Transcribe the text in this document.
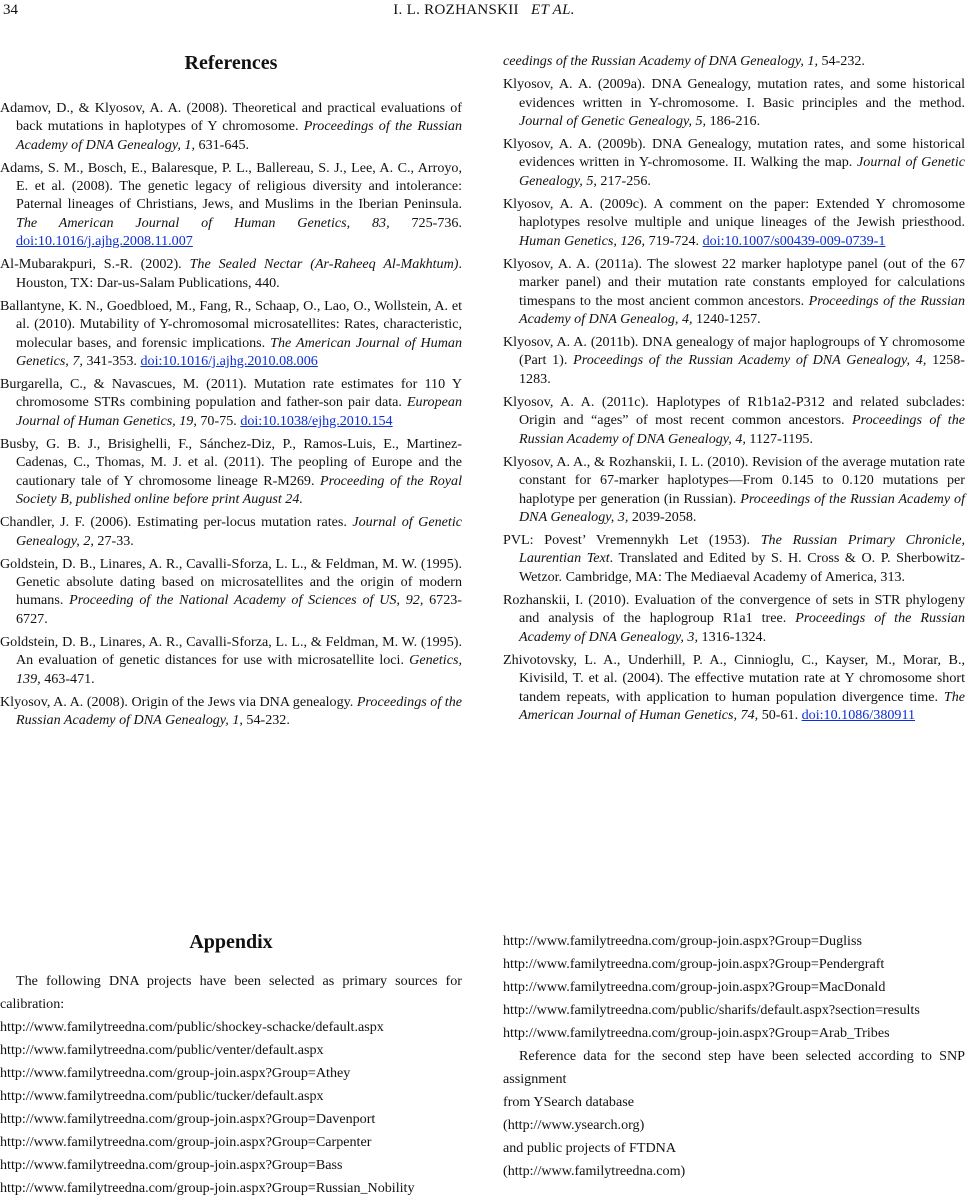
34	I. L. ROZHANSKII ET AL.
References
Adamov, D., & Klyosov, A. A. (2008). Theoretical and practical evaluations of back mutations in haplotypes of Y chromosome. Proceedings of the Russian Academy of DNA Genealogy, 1, 631-645.
Adams, S. M., Bosch, E., Balaresque, P. L., Ballereau, S. J., Lee, A. C., Arroyo, E. et al. (2008). The genetic legacy of religious diversity and intolerance: Paternal lineages of Christians, Jews, and Muslims in the Iberian Peninsula. The American Journal of Human Genetics, 83, 725-736. doi:10.1016/j.ajhg.2008.11.007
Al-Mubarakpuri, S.-R. (2002). The Sealed Nectar (Ar-Raheeq Al-Makhtum). Houston, TX: Dar-us-Salam Publications, 440.
Ballantyne, K. N., Goedbloed, M., Fang, R., Schaap, O., Lao, O., Wollstein, A. et al. (2010). Mutability of Y-chromosomal microsatellites: Rates, characteristic, molecular bases, and forensic implications. The American Journal of Human Genetics, 7, 341-353. doi:10.1016/j.ajhg.2010.08.006
Burgarella, C., & Navascues, M. (2011). Mutation rate estimates for 110 Y chromosome STRs combining population and father-son pair data. European Journal of Human Genetics, 19, 70-75. doi:10.1038/ejhg.2010.154
Busby, G. B. J., Brisighelli, F., Sánchez-Diz, P., Ramos-Luis, E., Martinez-Cadenas, C., Thomas, M. J. et al. (2011). The peopling of Europe and the cautionary tale of Y chromosome lineage R-M269. Proceeding of the Royal Society B, published online before print August 24.
Chandler, J. F. (2006). Estimating per-locus mutation rates. Journal of Genetic Genealogy, 2, 27-33.
Goldstein, D. B., Linares, A. R., Cavalli-Sforza, L. L., & Feldman, M. W. (1995). Genetic absolute dating based on microsatellites and the origin of modern humans. Proceeding of the National Academy of Sciences of US, 92, 6723- 6727.
Goldstein, D. B., Linares, A. R., Cavalli-Sforza, L. L., & Feldman, M. W. (1995). An evaluation of genetic distances for use with microsatellite loci. Genetics, 139, 463-471.
Klyosov, A. A. (2008). Origin of the Jews via DNA genealogy. Proceedings of the Russian Academy of DNA Genealogy, 1, 54-232.
ceedings of the Russian Academy of DNA Genealogy, 1, 54-232.
Klyosov, A. A. (2009a). DNA Genealogy, mutation rates, and some historical evidences written in Y-chromosome. I. Basic principles and the method. Journal of Genetic Genealogy, 5, 186-216.
Klyosov, A. A. (2009b). DNA Genealogy, mutation rates, and some historical evidences written in Y-chromosome. II. Walking the map. Journal of Genetic Genealogy, 5, 217-256.
Klyosov, A. A. (2009c). A comment on the paper: Extended Y chromosome haplotypes resolve multiple and unique lineages of the Jewish priesthood. Human Genetics, 126, 719-724. doi:10.1007/s00439-009-0739-1
Klyosov, A. A. (2011a). The slowest 22 marker haplotype panel (out of the 67 marker panel) and their mutation rate constants employed for calculations timespans to the most ancient common ancestors. Proceedings of the Russian Academy of DNA Genealog, 4, 1240-1257.
Klyosov, A. A. (2011b). DNA genealogy of major haplogroups of Y chromosome (Part 1). Proceedings of the Russian Academy of DNA Genealogy, 4, 1258-1283.
Klyosov, A. A. (2011c). Haplotypes of R1b1a2-P312 and related subclades: Origin and “ages” of most recent common ancestors. Proceedings of the Russian Academy of DNA Genealogy, 4, 1127-1195.
Klyosov, A. A., & Rozhanskii, I. L. (2010). Revision of the average mutation rate constant for 67-marker haplotypes—From 0.145 to 0.120 mutations per haplotype per generation (in Russian). Proceedings of the Russian Academy of DNA Genealogy, 3, 2039-2058.
PVL: Povest’ Vremennykh Let (1953). The Russian Primary Chronicle, Laurentian Text. Translated and Edited by S. H. Cross & O. P. Sherbowitz-Wetzor. Cambridge, MA: The Mediaeval Academy of America, 313.
Rozhanskii, I. (2010). Evaluation of the convergence of sets in STR phylogeny and analysis of the haplogroup R1a1 tree. Proceedings of the Russian Academy of DNA Genealogy, 3, 1316-1324.
Zhivotovsky, L. A., Underhill, P. A., Cinnioglu, C., Kayser, M., Morar, B., Kivisild, T. et al. (2004). The effective mutation rate at Y chromosome short tandem repeats, with application to human population divergence time. The American Journal of Human Genetics, 74, 50-61. doi:10.1086/380911
Appendix
The following DNA projects have been selected as primary sources for calibration:
http://www.familytreedna.com/public/shockey-schacke/default.aspx
http://www.familytreedna.com/public/venter/default.aspx
http://www.familytreedna.com/group-join.aspx?Group=Athey
http://www.familytreedna.com/public/tucker/default.aspx
http://www.familytreedna.com/group-join.aspx?Group=Davenport
http://www.familytreedna.com/group-join.aspx?Group=Carpenter
http://www.familytreedna.com/group-join.aspx?Group=Bass
http://www.familytreedna.com/group-join.aspx?Group=Russian_Nobility
http://www.familytreedna.com/group-join.aspx?Group=Dugliss
http://www.familytreedna.com/group-join.aspx?Group=Pendergraft
http://www.familytreedna.com/group-join.aspx?Group=MacDonald
http://www.familytreedna.com/public/sharifs/default.aspx?section=results
http://www.familytreedna.com/group-join.aspx?Group=Arab_Tribes
Reference data for the second step have been selected according to SNP assignment
from YSearch database
(http://www.ysearch.org)
and public projects of FTDNA
(http://www.familytreedna.com)
